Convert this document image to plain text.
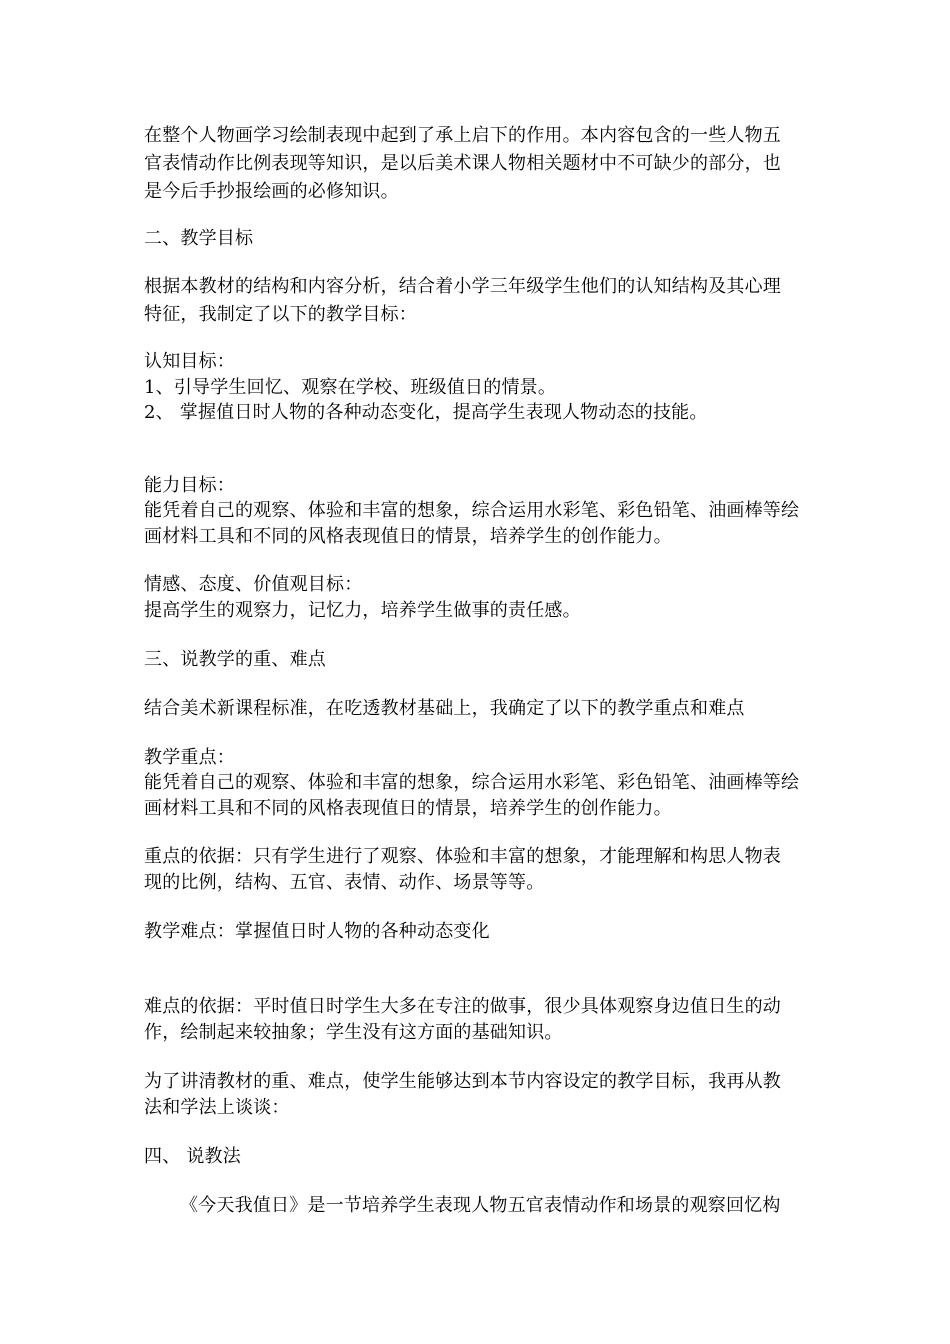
在整个人物画学习绘制表现中起到了承上启下的作用。本内容包含的一些人物五
官表情动作比例表现等知识，是以后美术课人物相关题材中不可缺少的部分，也
是今后手抄报绘画的必修知识。
二、教学目标
根据本教材的结构和内容分析，结合着小学三年级学生他们的认知结构及其心理
特征，我制定了以下的教学目标：
认知目标：
1、引导学生回忆、观察在学校、班级值日的情景。
2、 掌握值日时人物的各种动态变化，提高学生表现人物动态的技能。
能力目标：
能凭着自己的观察、体验和丰富的想象，综合运用水彩笔、彩色铅笔、油画棒等绘
画材料工具和不同的风格表现值日的情景，培养学生的创作能力。
情感、态度、价值观目标：
提高学生的观察力，记忆力，培养学生做事的责任感。
三、说教学的重、难点
结合美术新课程标准，在吃透教材基础上，我确定了以下的教学重点和难点
教学重点：
能凭着自己的观察、体验和丰富的想象，综合运用水彩笔、彩色铅笔、油画棒等绘
画材料工具和不同的风格表现值日的情景，培养学生的创作能力。
重点的依据：只有学生进行了观察、体验和丰富的想象，才能理解和构思人物表
现的比例，结构、五官、表情、动作、场景等等。
教学难点：掌握值日时人物的各种动态变化
难点的依据：平时值日时学生大多在专注的做事，很少具体观察身边值日生的动
作，绘制起来较抽象；学生没有这方面的基础知识。
为了讲清教材的重、难点，使学生能够达到本节内容设定的教学目标，我再从教
法和学法上谈谈：
四、 说教法
《今天我值日》是一节培养学生表现人物五官表情动作和场景的观察回忆构
